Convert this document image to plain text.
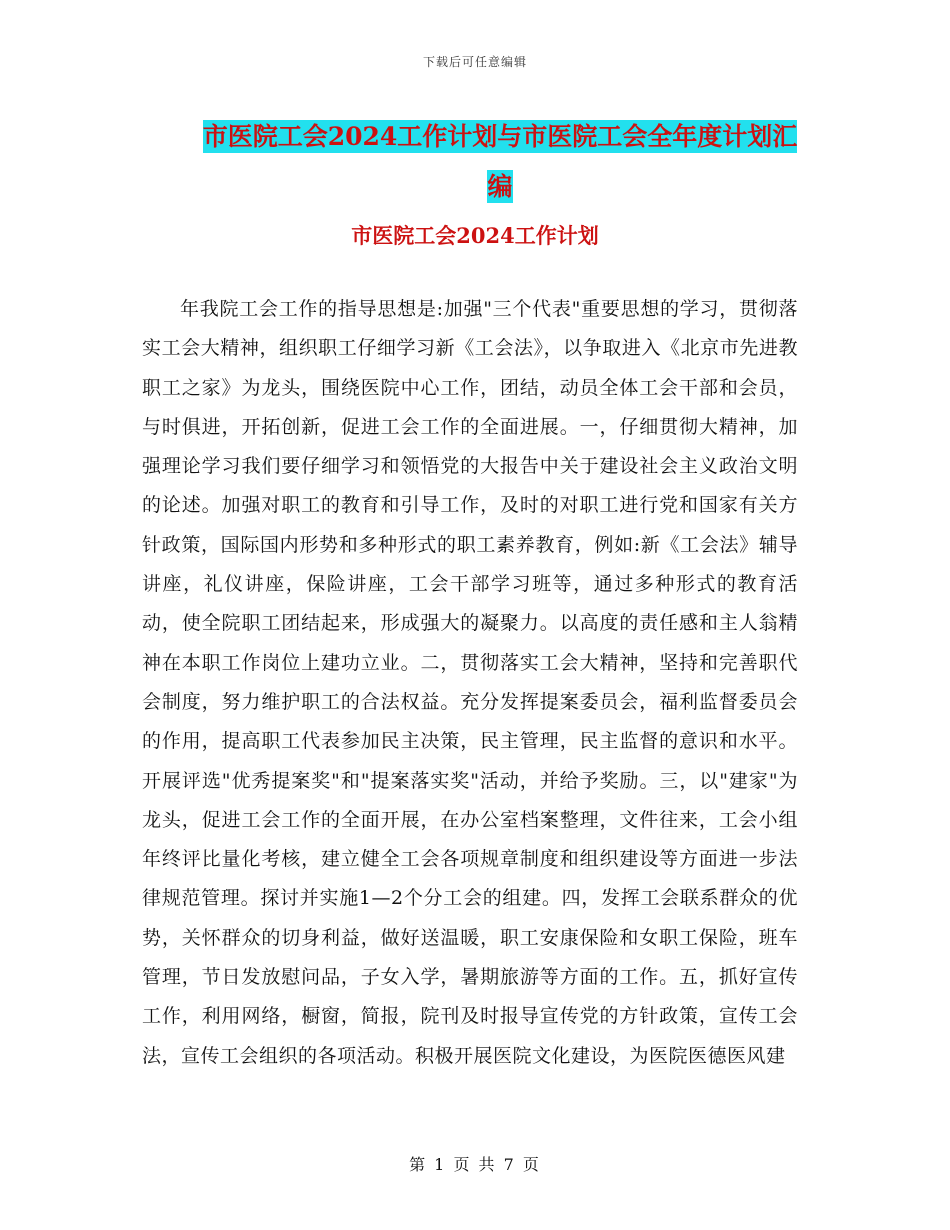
下载后可任意编辑
市医院工会2024工作计划与市医院工会全年度计划汇
编
市医院工会2024工作计划

年我院工会工作的指导思想是:加强"三个代表"重要思想的学习，贯彻落实工会大精神，组织职工仔细学习新《工会法》，以争取进入《北京市先进教职工之家》为龙头，围绕医院中心工作，团结，动员全体工会干部和会员，与时俱进，开拓创新，促进工会工作的全面进展。一，仔细贯彻大精神，加强理论学习我们要仔细学习和领悟党的大报告中关于建设社会主义政治文明的论述。加强对职工的教育和引导工作，及时的对职工进行党和国家有关方针政策，国际国内形势和多种形式的职工素养教育，例如:新《工会法》辅导讲座，礼仪讲座，保险讲座，工会干部学习班等，通过多种形式的教育活动，使全院职工团结起来，形成强大的凝聚力。以高度的责任感和主人翁精神在本职工作岗位上建功立业。二，贯彻落实工会大精神，坚持和完善职代会制度，努力维护职工的合法权益。充分发挥提案委员会，福利监督委员会的作用，提高职工代表参加民主决策，民主管理，民主监督的意识和水平。开展评选"优秀提案奖"和"提案落实奖"活动，并给予奖励。三，以"建家"为龙头，促进工会工作的全面开展，在办公室档案整理，文件往来，工会小组年终评比量化考核，建立健全工会各项规章制度和组织建设等方面进一步法律规范管理。探讨并实施1—2个分工会的组建。四，发挥工会联系群众的优势，关怀群众的切身利益，做好送温暖，职工安康保险和女职工保险，班车管理，节日发放慰问品，子女入学，暑期旅游等方面的工作。五，抓好宣传工作，利用网络，橱窗，简报，院刊及时报导宣传党的方针政策，宣传工会法，宣传工会组织的各项活动。积极开展医院文化建设，为医院医德医风建

第 1 页 共 7 页
